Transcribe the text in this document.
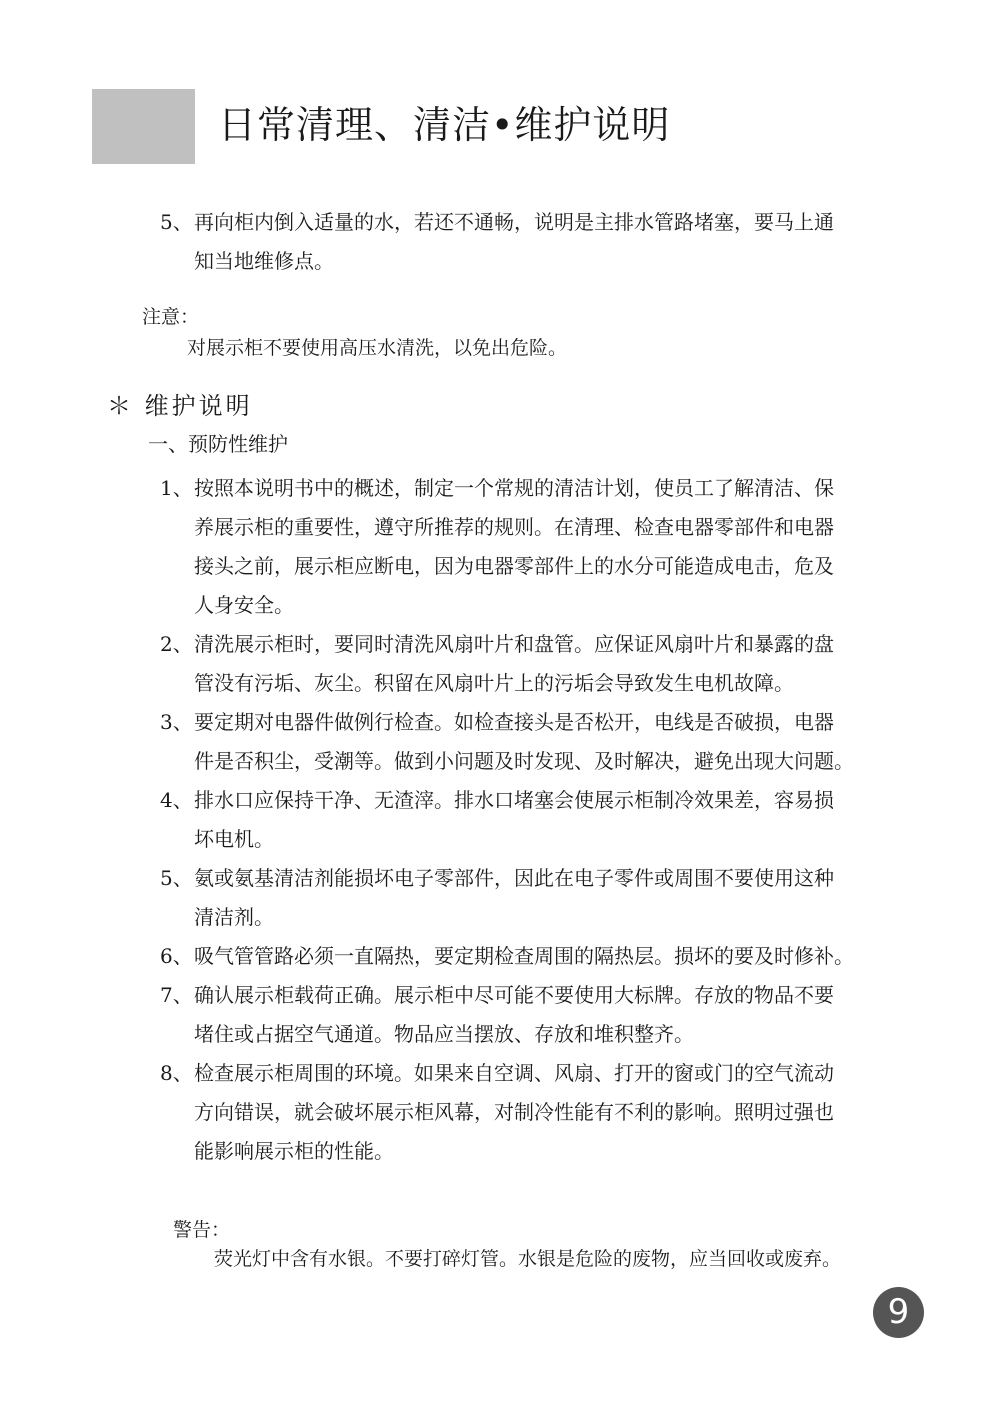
日常清理、清洁•维护说明
5、 再向柜内倒入适量的水，若还不通畅，说明是主排水管路堵塞，要马上通
知当地维修点。
注意：
对展示柜不要使用高压水清洗，以免出危险。
＊ 维护说明
一、预防性维护
1、 按照本说明书中的概述，制定一个常规的清洁计划，使员工了解清洁、保
养展示柜的重要性，遵守所推荐的规则。在清理、检查电器零部件和电器
接头之前，展示柜应断电，因为电器零部件上的水分可能造成电击，危及
人身安全。
2、 清洗展示柜时，要同时清洗风扇叶片和盘管。应保证风扇叶片和暴露的盘
管没有污垢、灰尘。积留在风扇叶片上的污垢会导致发生电机故障。
3、 要定期对电器件做例行检查。如检查接头是否松开，电线是否破损，电器
件是否积尘，受潮等。做到小问题及时发现、及时解决，避免出现大问题。
4、 排水口应保持干净、无渣滓。排水口堵塞会使展示柜制冷效果差，容易损
坏电机。
5、 氨或氨基清洁剂能损坏电子零部件，因此在电子零件或周围不要使用这种
清洁剂。
6、 吸气管管路必须一直隔热，要定期检查周围的隔热层。损坏的要及时修补。
7、 确认展示柜载荷正确。展示柜中尽可能不要使用大标牌。存放的物品不要
堵住或占据空气通道。物品应当摆放、存放和堆积整齐。
8、 检查展示柜周围的环境。如果来自空调、风扇、打开的窗或门的空气流动
方向错误，就会破坏展示柜风幕，对制冷性能有不利的影响。照明过强也
能影响展示柜的性能。
警告：
荧光灯中含有水银。不要打碎灯管。水银是危险的废物，应当回收或废弃。
9
